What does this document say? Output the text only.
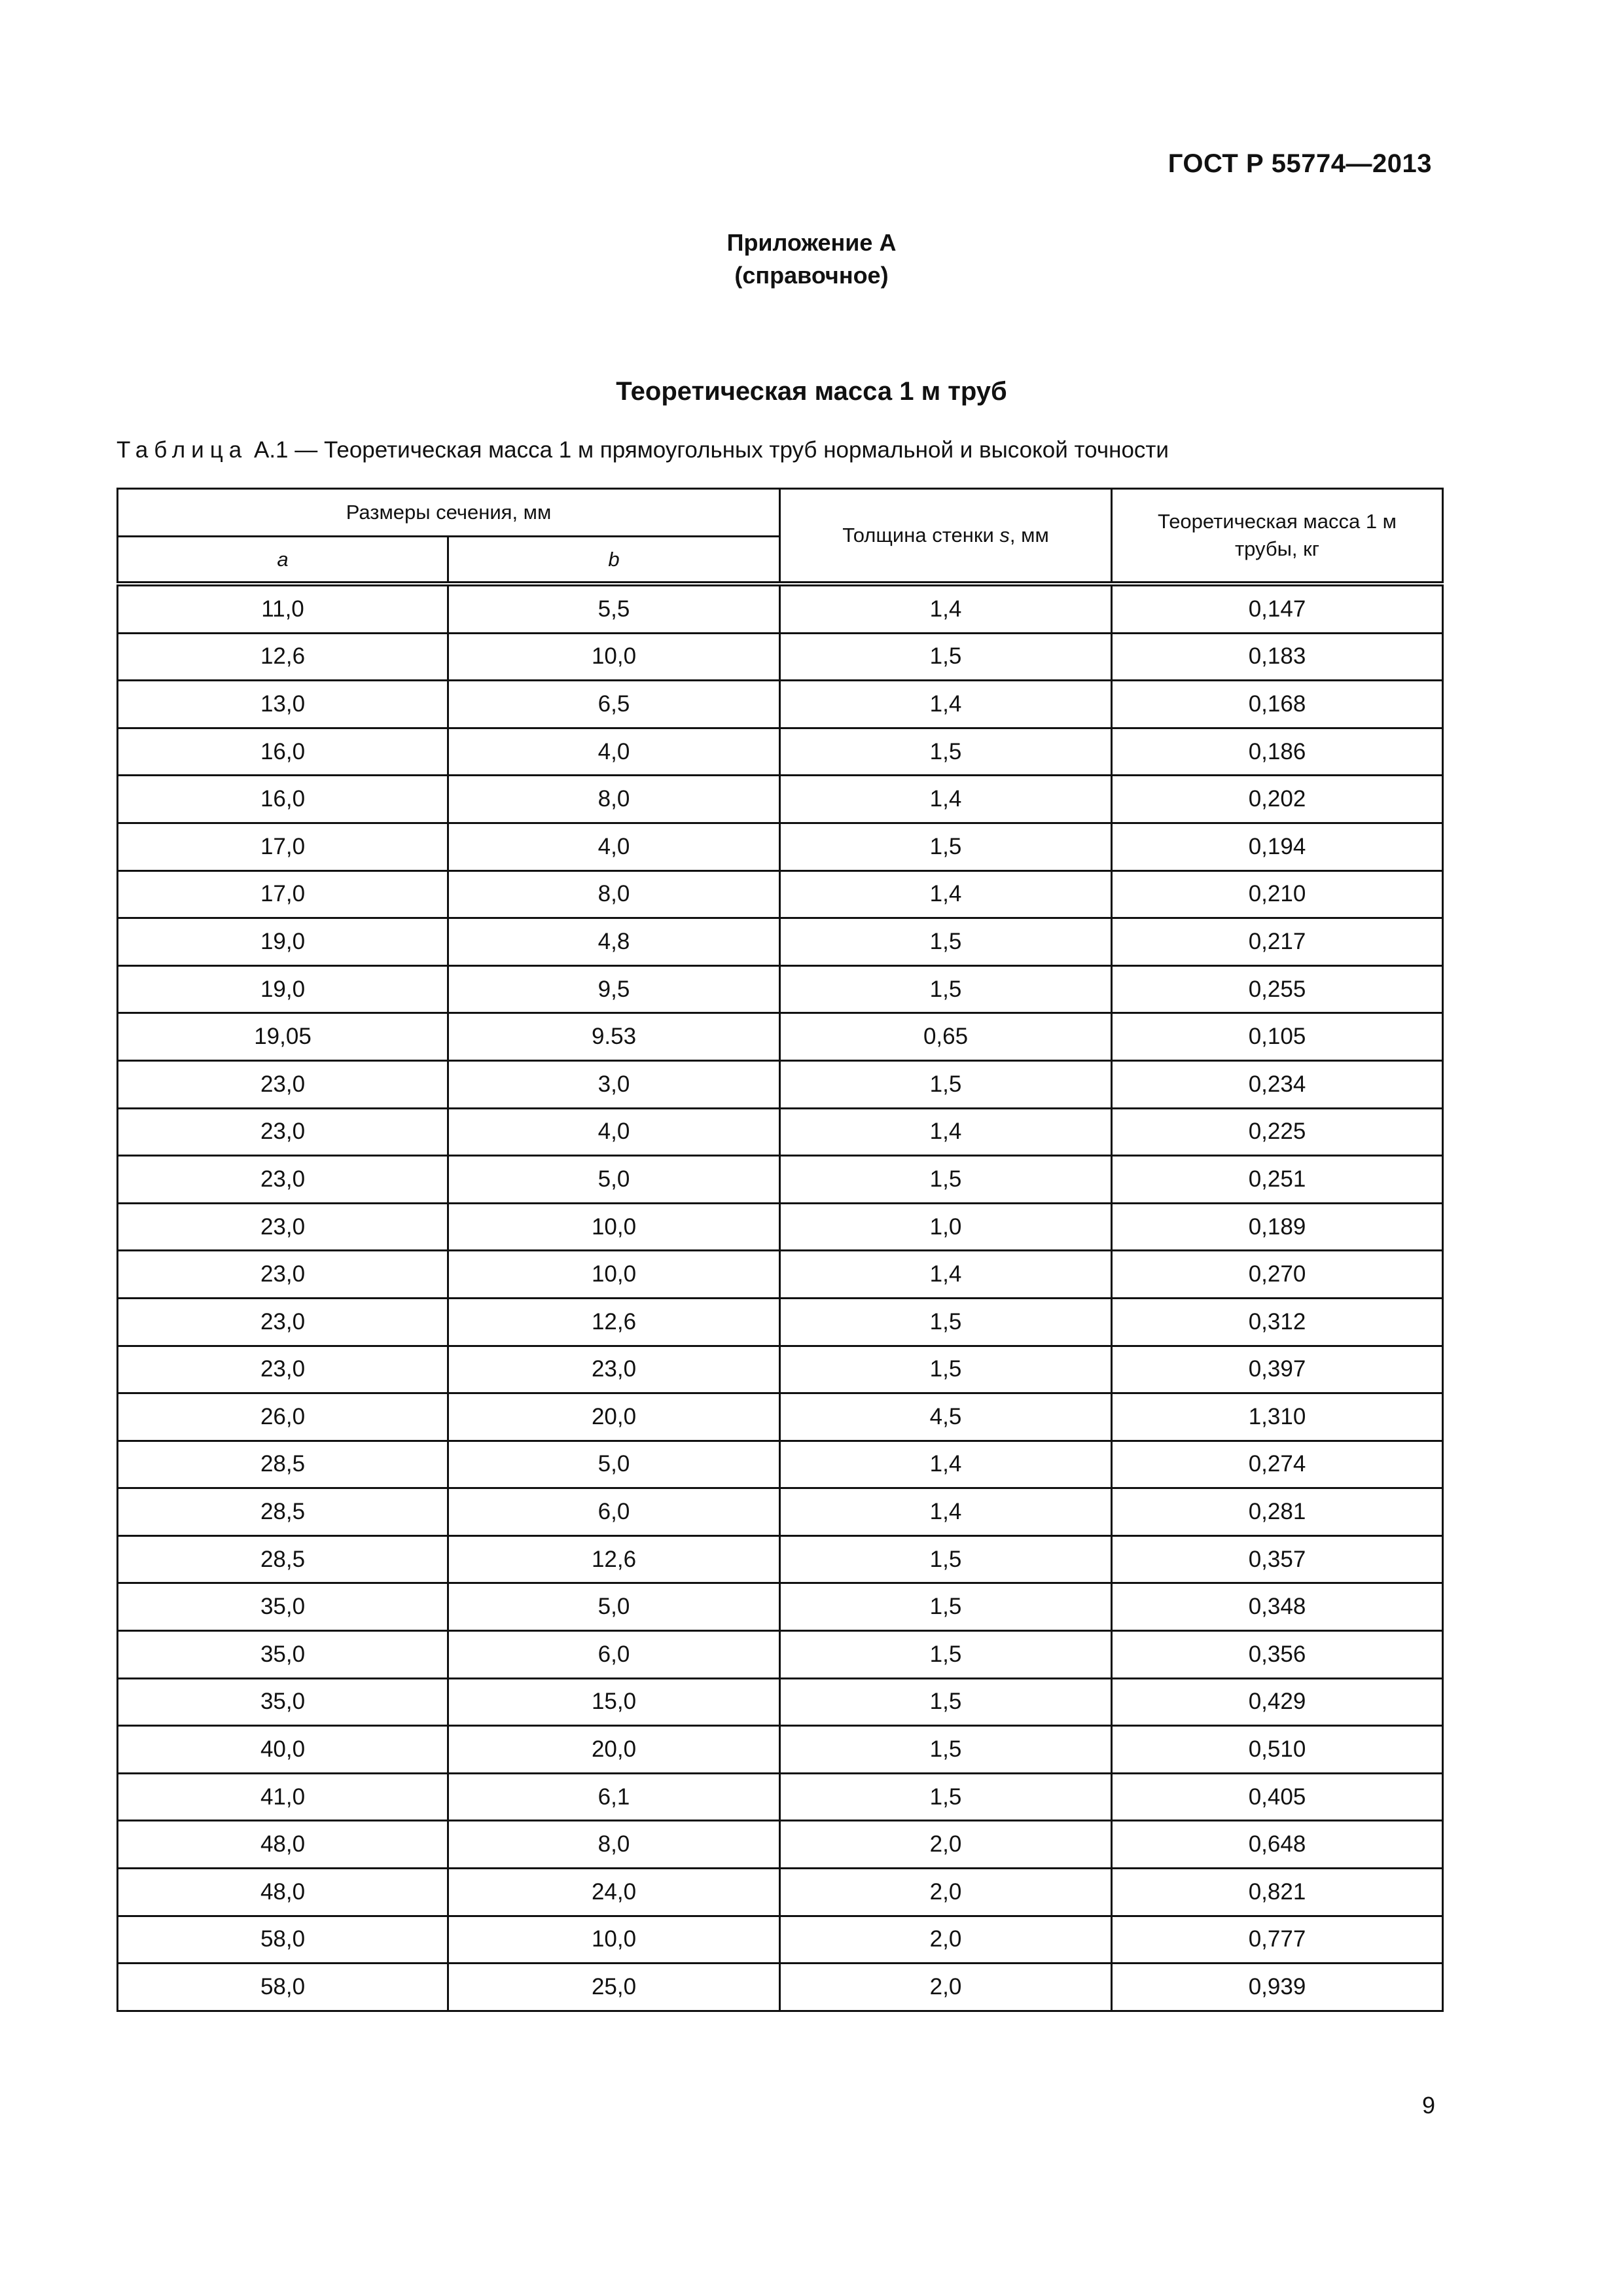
ГОСТ Р 55774—2013
Приложение А
(справочное)
Теоретическая масса 1 м труб
Таблица А.1 — Теоретическая масса 1 м прямоугольных труб нормальной и высокой точности
Размеры сечения, мм		Толщина стенки s, мм	Теоретическая масса 1 м трубы, кг

a	b		
11,0	5,5	1,4	0,147
12,6	10,0	1,5	0,183
13,0	6,5	1,4	0,168
16,0	4,0	1,5	0,186
16,0	8,0	1,4	0,202
17,0	4,0	1,5	0,194
17,0	8,0	1,4	0,210
19,0	4,8	1,5	0,217
19,0	9,5	1,5	0,255
19,05	9.53	0,65	0,105
23,0	3,0	1,5	0,234
23,0	4,0	1,4	0,225
23,0	5,0	1,5	0,251
23,0	10,0	1,0	0,189
23,0	10,0	1,4	0,270
23,0	12,6	1,5	0,312
23,0	23,0	1,5	0,397
26,0	20,0	4,5	1,310
28,5	5,0	1,4	0,274
28,5	6,0	1,4	0,281
28,5	12,6	1,5	0,357
35,0	5,0	1,5	0,348
35,0	6,0	1,5	0,356
35,0	15,0	1,5	0,429
40,0	20,0	1,5	0,510
41,0	6,1	1,5	0,405
48,0	8,0	2,0	0,648
48,0	24,0	2,0	0,821
58,0	10,0	2,0	0,777
58,0	25,0	2,0	0,939
9
